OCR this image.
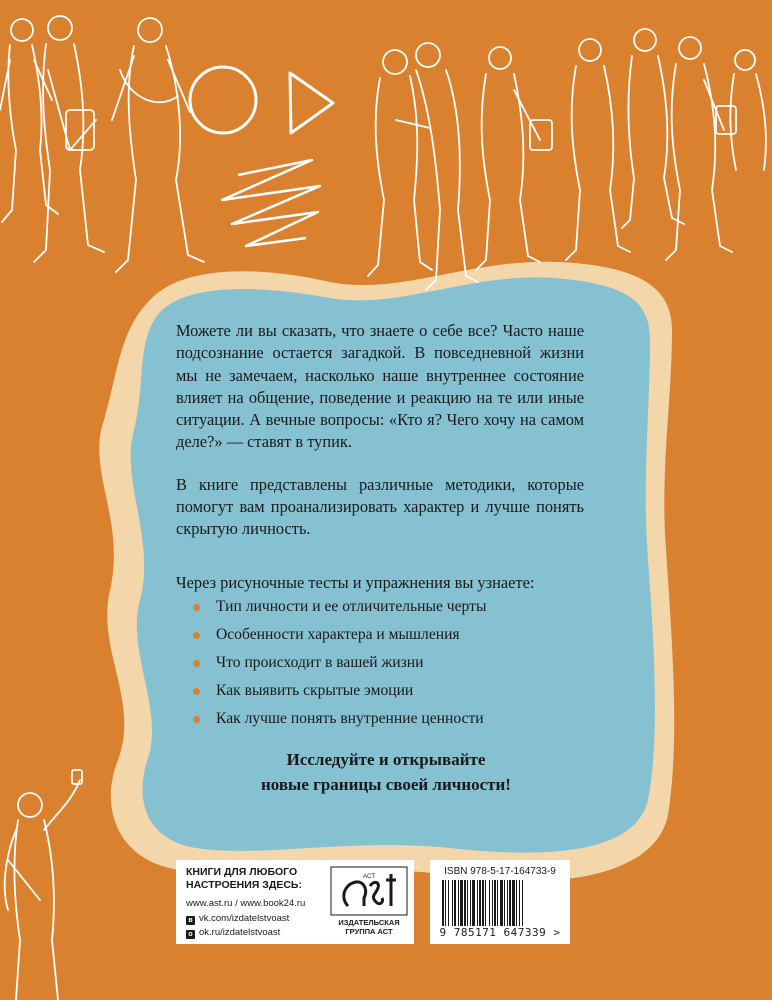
Можете ли вы сказать, что знаете о себе все? Часто наше подсознание остается загадкой. В повседневной жизни мы не замечаем, насколько наше внутреннее состояние влияет на общение, поведение и реакцию на те или иные ситуации. А вечные вопросы: «Кто я? Чего хочу на самом деле?» — ставят в тупик.

В книге представлены различные методики, которые помогут вам проанализировать характер и лучше понять скрытую личность.

Через рисуночные тесты и упражнения вы узнаете:
Тип личности и ее отличительные черты
Особенности характера и мышления
Что происходит в вашей жизни
Как выявить скрытые эмоции
Как лучше понять внутренние ценности
Исследуйте и открывайте
новые границы своей личности!
КНИГИ ДЛЯ ЛЮБОГО
НАСТРОЕНИЯ ЗДЕСЬ:
www.ast.ru / www.book24.ru
в vk.com/izdatelstvoast
о ok.ru/izdatelstvoast
ACT
ИЗДАТЕЛЬСКАЯ
ГРУППА АСТ
ISBN 978-5-17-164733-9
9 785171 647339 >
